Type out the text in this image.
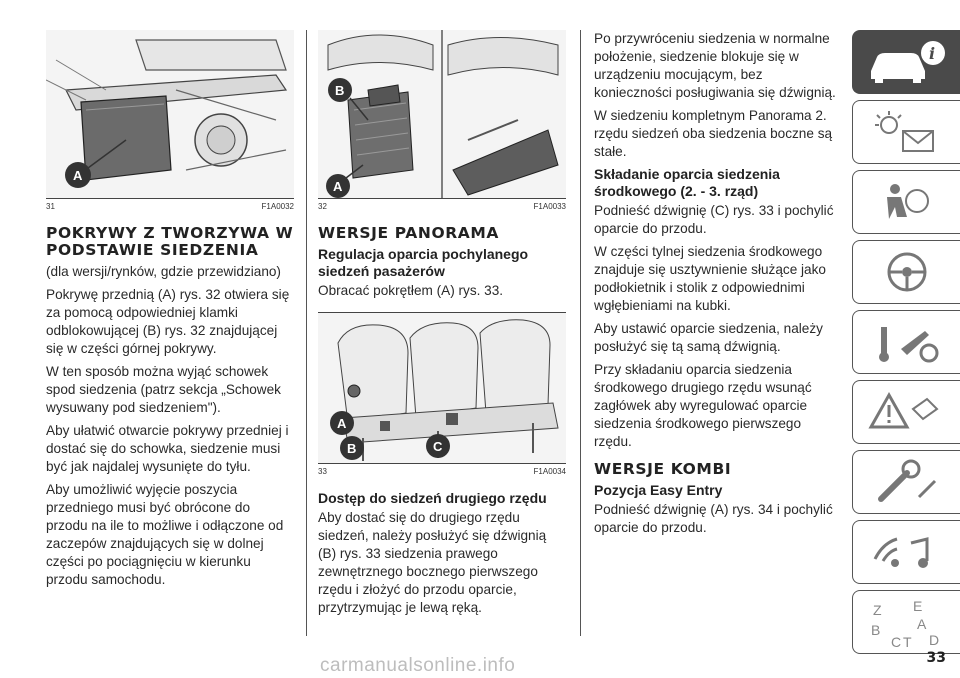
A
31	F1A0032
POKRYWY Z TWORZYWA W PODSTAWIE SIEDZENIA

(dla wersji/rynków, gdzie przewidziano)

Pokrywę przednią (A) rys. 32 otwiera się za pomocą odpowiedniej klamki odblokowującej (B) rys. 32 znajdującej się w części górnej pokrywy.

W ten sposób można wyjąć schowek spod siedzenia (patrz sekcja „Schowek wysuwany pod siedzeniem").

Aby ułatwić otwarcie pokrywy przedniej i dostać się do schowka, siedzenie musi być jak najdalej wysunięte do tyłu.

Aby umożliwić wyjęcie poszycia przedniego musi być obrócone do przodu na ile to możliwe i odłączone od zaczepów znajdujących się w dolnej części po pociągnięciu w kierunku przodu samochodu.

B
A
32	F1A0033
WERSJE PANORAMA
Regulacja oparcia pochylanego siedzeń pasażerów

Obracać pokrętłem (A) rys. 33.

A
B	C
33	F1A0034
Dostęp do siedzeń drugiego rzędu

Aby dostać się do drugiego rzędu siedzeń, należy posłużyć się dźwignią (B) rys. 33 siedzenia prawego zewnętrznego bocznego pierwszego rzędu i złożyć do przodu oparcie, przytrzymując je lewą ręką.

Po przywróceniu siedzenia w normalne położenie, siedzenie blokuje się w urządzeniu mocującym, bez konieczności posługiwania się dźwignią.

W siedzeniu kompletnym Panorama 2. rzędu siedzeń oba siedzenia boczne są stałe.

Składanie oparcia siedzenia środkowego (2. - 3. rząd)

Podnieść dźwignię (C) rys. 33 i pochylić oparcie do przodu.

W części tylnej siedzenia środkowego znajduje się usztywnienie służące jako podłokietnik i stolik z odpowiednimi wgłębieniami na kubki.

Aby ustawić oparcie siedzenia, należy posłużyć się tą samą dźwignią.

Przy składaniu oparcia siedzenia środkowego drugiego rzędu wsunąć zagłówek aby wyregulować oparcie siedzenia środkowego pierwszego rzędu.

WERSJE KOMBI
Pozycja Easy Entry

Podnieść dźwignię (A) rys. 34 i pochylić oparcie do przodu.

i
Z E
A
B
C T D
carmanualsonline.info	33
